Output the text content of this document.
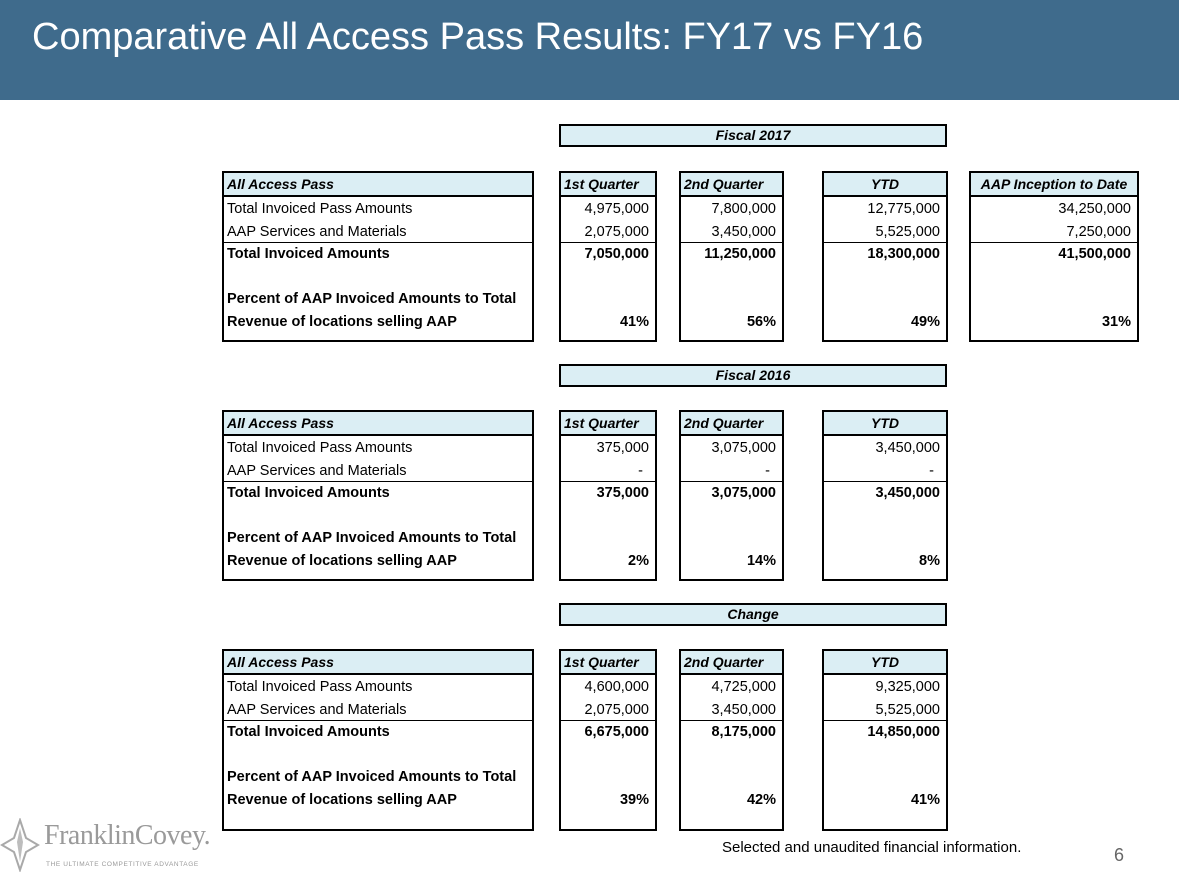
Comparative All Access Pass Results: FY17 vs FY16
Fiscal 2017
All Access Pass
Total Invoiced Pass Amounts
AAP Services and Materials
Total Invoiced Amounts
Percent of AAP Invoiced Amounts to Total
Revenue of locations selling AAP
1st Quarter
4,975,000
2,075,000
7,050,000
41%
2nd Quarter
7,800,000
3,450,000
11,250,000
56%
YTD
12,775,000
5,525,000
18,300,000
49%
AAP Inception to Date
34,250,000
7,250,000
41,500,000
31%
Fiscal 2016
All Access Pass
Total Invoiced Pass Amounts
AAP Services and Materials
Total Invoiced Amounts
Percent of AAP Invoiced Amounts to Total
Revenue of locations selling AAP
1st Quarter
375,000
-
375,000
2%
2nd Quarter
3,075,000
-
3,075,000
14%
YTD
3,450,000
-
3,450,000
8%
Change
All Access Pass
Total Invoiced Pass Amounts
AAP Services and Materials
Total Invoiced Amounts
Percent of AAP Invoiced Amounts to Total
Revenue of locations selling AAP
1st Quarter
4,600,000
2,075,000
6,675,000
39%
2nd Quarter
4,725,000
3,450,000
8,175,000
42%
YTD
9,325,000
5,525,000
14,850,000
41%
FranklinCovey.
THE ULTIMATE COMPETITIVE ADVANTAGE
Selected and unaudited financial information.	6
